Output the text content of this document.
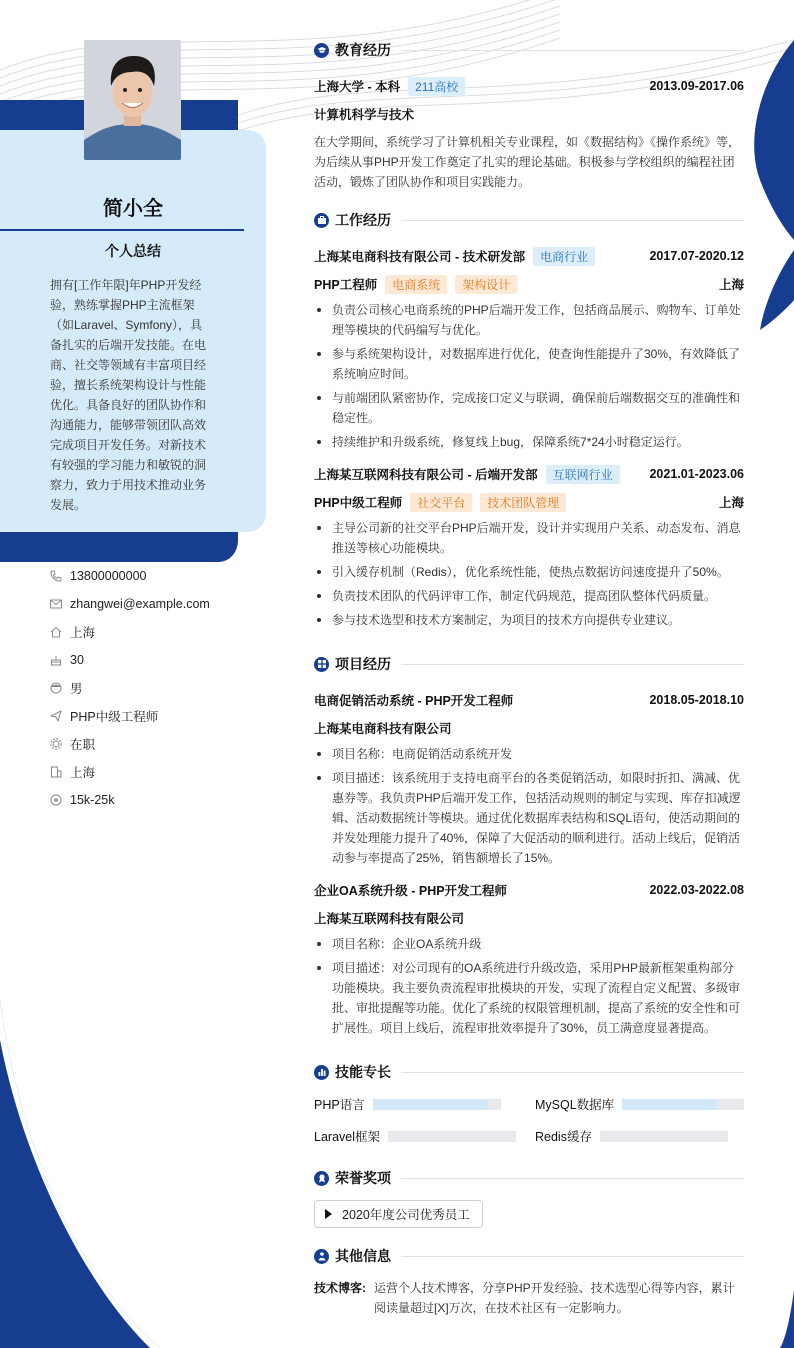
简小全
个人总结
拥有[工作年限]年PHP开发经验，熟练掌握PHP主流框架（如Laravel、Symfony），具备扎实的后端开发技能。在电商、社交等领域有丰富项目经验，擅长系统架构设计与性能优化。具备良好的团队协作和沟通能力，能够带领团队高效完成项目开发任务。对新技术有较强的学习能力和敏锐的洞察力，致力于用技术推动业务发展。
13800000000
zhangwei@example.com
上海
30
男
PHP中级工程师
在职
上海
15k-25k
教育经历
上海大学 - 本科	211高校	2013.09-2017.06
计算机科学与技术
在大学期间，系统学习了计算机相关专业课程，如《数据结构》《操作系统》等，为后续从事PHP开发工作奠定了扎实的理论基础。积极参与学校组织的编程社团活动，锻炼了团队协作和项目实践能力。
工作经历
上海某电商科技有限公司 - 技术研发部	电商行业	2017.07-2020.12
PHP工程师	电商系统	架构设计	上海
负责公司核心电商系统的PHP后端开发工作，包括商品展示、购物车、订单处理等模块的代码编写与优化。
参与系统架构设计，对数据库进行优化，使查询性能提升了30%，有效降低了系统响应时间。
与前端团队紧密协作，完成接口定义与联调，确保前后端数据交互的准确性和稳定性。
持续维护和升级系统，修复线上bug，保障系统7*24小时稳定运行。
上海某互联网科技有限公司 - 后端开发部	互联网行业	2021.01-2023.06
PHP中级工程师	社交平台	技术团队管理	上海
主导公司新的社交平台PHP后端开发，设计并实现用户关系、动态发布、消息推送等核心功能模块。
引入缓存机制（Redis），优化系统性能，使热点数据访问速度提升了50%。
负责技术团队的代码评审工作，制定代码规范，提高团队整体代码质量。
参与技术选型和技术方案制定，为项目的技术方向提供专业建议。
项目经历
电商促销活动系统 - PHP开发工程师	2018.05-2018.10
上海某电商科技有限公司
项目名称：电商促销活动系统开发
项目描述：该系统用于支持电商平台的各类促销活动，如限时折扣、满减、优惠券等。我负责PHP后端开发工作，包括活动规则的制定与实现、库存扣减逻辑、活动数据统计等模块。通过优化数据库表结构和SQL语句，使活动期间的并发处理能力提升了40%，保障了大促活动的顺利进行。活动上线后，促销活动参与率提高了25%，销售额增长了15%。
企业OA系统升级 - PHP开发工程师	2022.03-2022.08
上海某互联网科技有限公司
项目名称：企业OA系统升级
项目描述：对公司现有的OA系统进行升级改造，采用PHP最新框架重构部分功能模块。我主要负责流程审批模块的开发，实现了流程自定义配置、多级审批、审批提醒等功能。优化了系统的权限管理机制，提高了系统的安全性和可扩展性。项目上线后，流程审批效率提升了30%，员工满意度显著提高。
技能专长
PHP语言	MySQL数据库
Laravel框架	Redis缓存
荣誉奖项
2020年度公司优秀员工
其他信息
技术博客: 运营个人技术博客，分享PHP开发经验、技术选型心得等内容，累计阅读量超过[X]万次，在技术社区有一定影响力。
